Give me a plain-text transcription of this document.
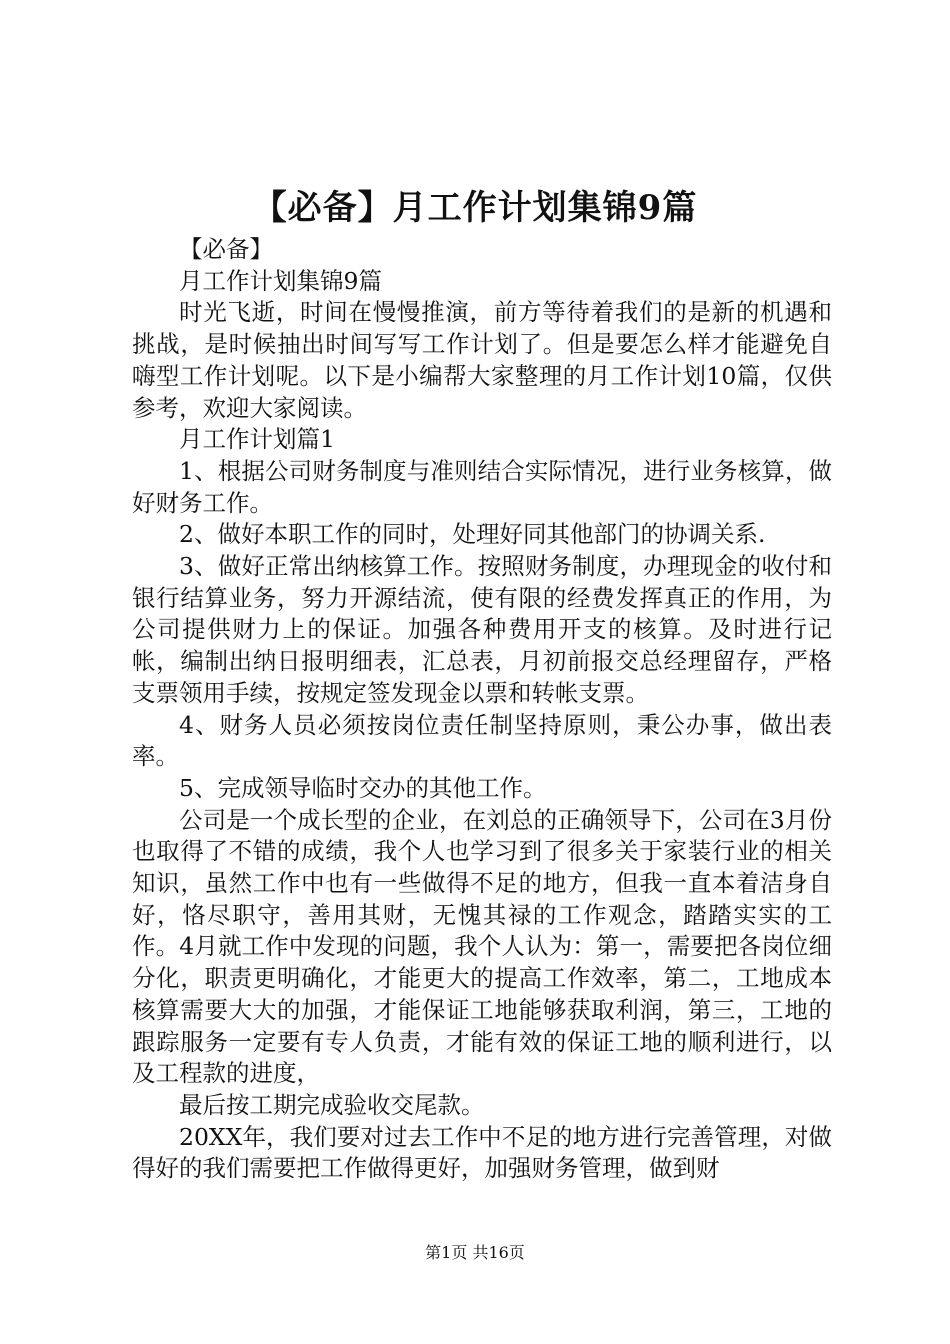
【必备】月工作计划集锦9篇

【必备】

月工作计划集锦9篇

时光飞逝，时间在慢慢推演，前方等待着我们的是新的机遇和挑战，是时候抽出时间写写工作计划了。但是要怎么样才能避免自嗨型工作计划呢。以下是小编帮大家整理的月工作计划10篇，仅供参考，欢迎大家阅读。

月工作计划篇1

1、根据公司财务制度与准则结合实际情况，进行业务核算，做好财务工作。

2、做好本职工作的同时，处理好同其他部门的协调关系.

3、做好正常出纳核算工作。按照财务制度，办理现金的收付和银行结算业务，努力开源结流，使有限的经费发挥真正的作用，为公司提供财力上的保证。加强各种费用开支的核算。及时进行记帐，编制出纳日报明细表，汇总表，月初前报交总经理留存，严格支票领用手续，按规定签发现金以票和转帐支票。

4、财务人员必须按岗位责任制坚持原则，秉公办事，做出表率。

5、完成领导临时交办的其他工作。

公司是一个成长型的企业，在刘总的正确领导下，公司在3月份也取得了不错的成绩，我个人也学习到了很多关于家装行业的相关知识，虽然工作中也有一些做得不足的地方，但我一直本着洁身自好，恪尽职守，善用其财，无愧其禄的工作观念，踏踏实实的工作。4月就工作中发现的问题，我个人认为：第一，需要把各岗位细分化，职责更明确化，才能更大的提高工作效率，第二，工地成本核算需要大大的加强，才能保证工地能够获取利润，第三，工地的跟踪服务一定要有专人负责，才能有效的保证工地的顺利进行，以及工程款的进度，

最后按工期完成验收交尾款。

20XX年，我们要对过去工作中不足的地方进行完善管理，对做得好的我们需要把工作做得更好，加强财务管理，做到财

第1页 共16页
